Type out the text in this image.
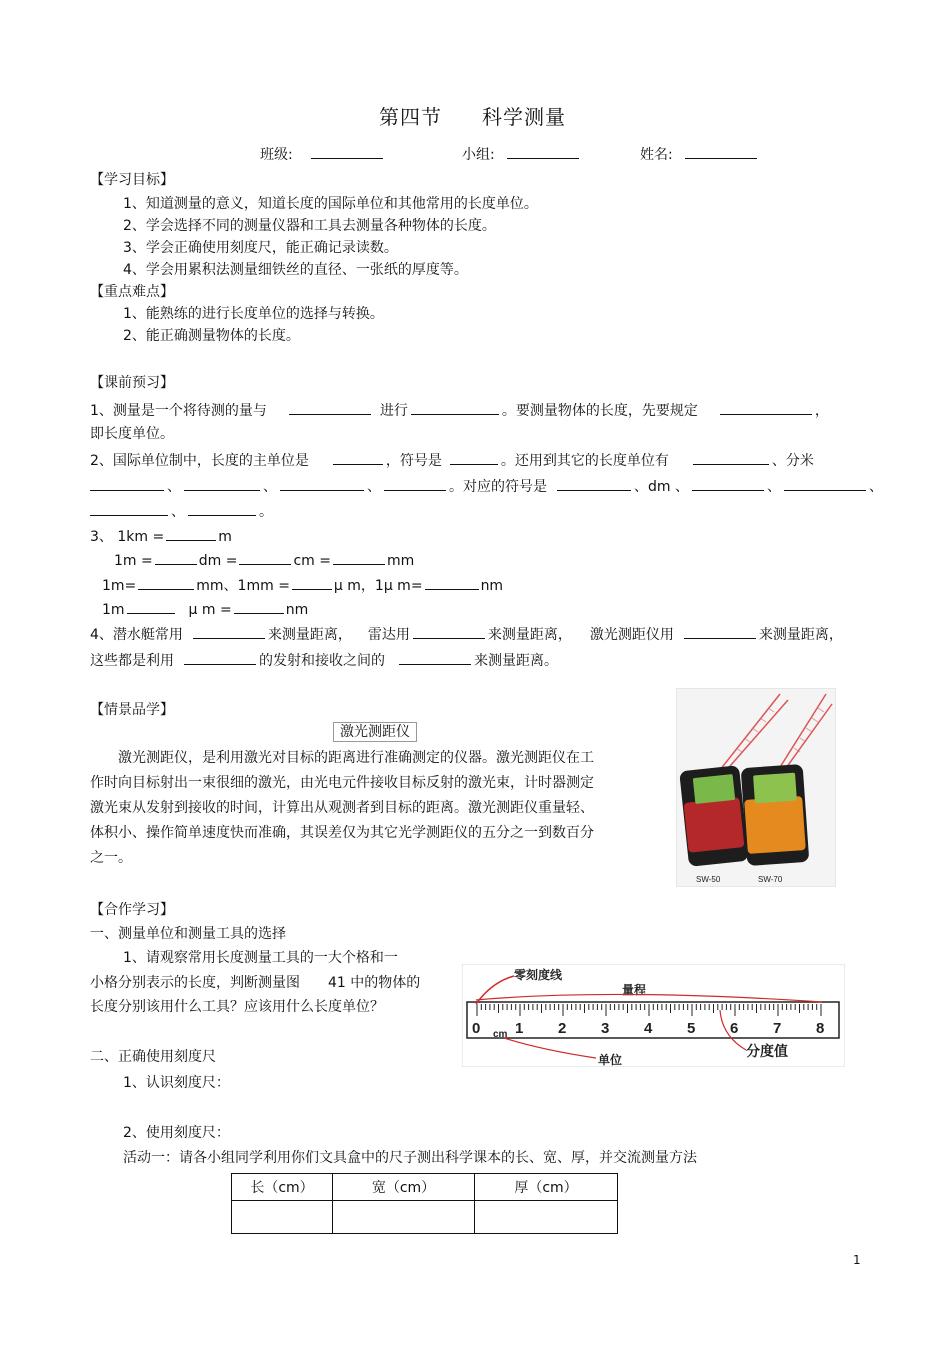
第四节 科学测量
班级:	小组:	姓名:
【学习目标】
1、知道测量的意义，知道长度的国际单位和其他常用的长度单位。
2、学会选择不同的测量仪器和工具去测量各种物体的长度。
3、学会正确使用刻度尺，能正确记录读数。
4、学会用累积法测量细铁丝的直径、一张纸的厚度等。
【重点难点】
1、能熟练的进行长度单位的选择与转换。
2、能正确测量物体的长度。
【课前预习】
1、测量是一个将待测的量与	进行	。要测量物体的长度，先要规定	，
即长度单位。
2、国际单位制中，长度的主单位是	，符号是	。还用到其它的长度单位有	、分米
、	、	、	。对应的符号是	、dm 、	、	、
、	。
3、 1km =	m
1m =	dm =	cm =	mm
1m=	mm、1mm =	μ m，1μ m=	nm
1m	μ m =	nm
4、潜水艇常用	来测量距离， 雷达用	来测量距离， 激光测距仪用	来测量距离，
这些都是利用	的发射和接收之间的	来测量距离。
【情景品学】
激光测距仪

激光测距仪，是利用激光对目标的距离进行准确测定的仪器。激光测距仪在工作时向目标射出一束很细的激光，由光电元件接收目标反射的激光束，计时器测定激光束从发射到接收的时间，计算出从观测者到目标的距离。激光测距仪重量轻、体积小、操作简单速度快而准确，其误差仅为其它光学测距仪的五分之一到数百分之一。

SW-50	SW-70
【合作学习】
一、测量单位和测量工具的选择
1、请观察常用长度测量工具的一大个格和一
小格分别表示的长度，判断测量图 41 中的物体的
长度分别该用什么工具？应该用什么长度单位？
0 1 2 3 4 5 6 7 8
cm
零刻度线
量程
单位	分度值
二、正确使用刻度尺
1、认识刻度尺：
2、使用刻度尺：
活动一：请各小组同学利用你们文具盒中的尺子测出科学课本的长、宽、厚，并交流测量方法
长（cm）	宽（cm）	厚（cm）

1
